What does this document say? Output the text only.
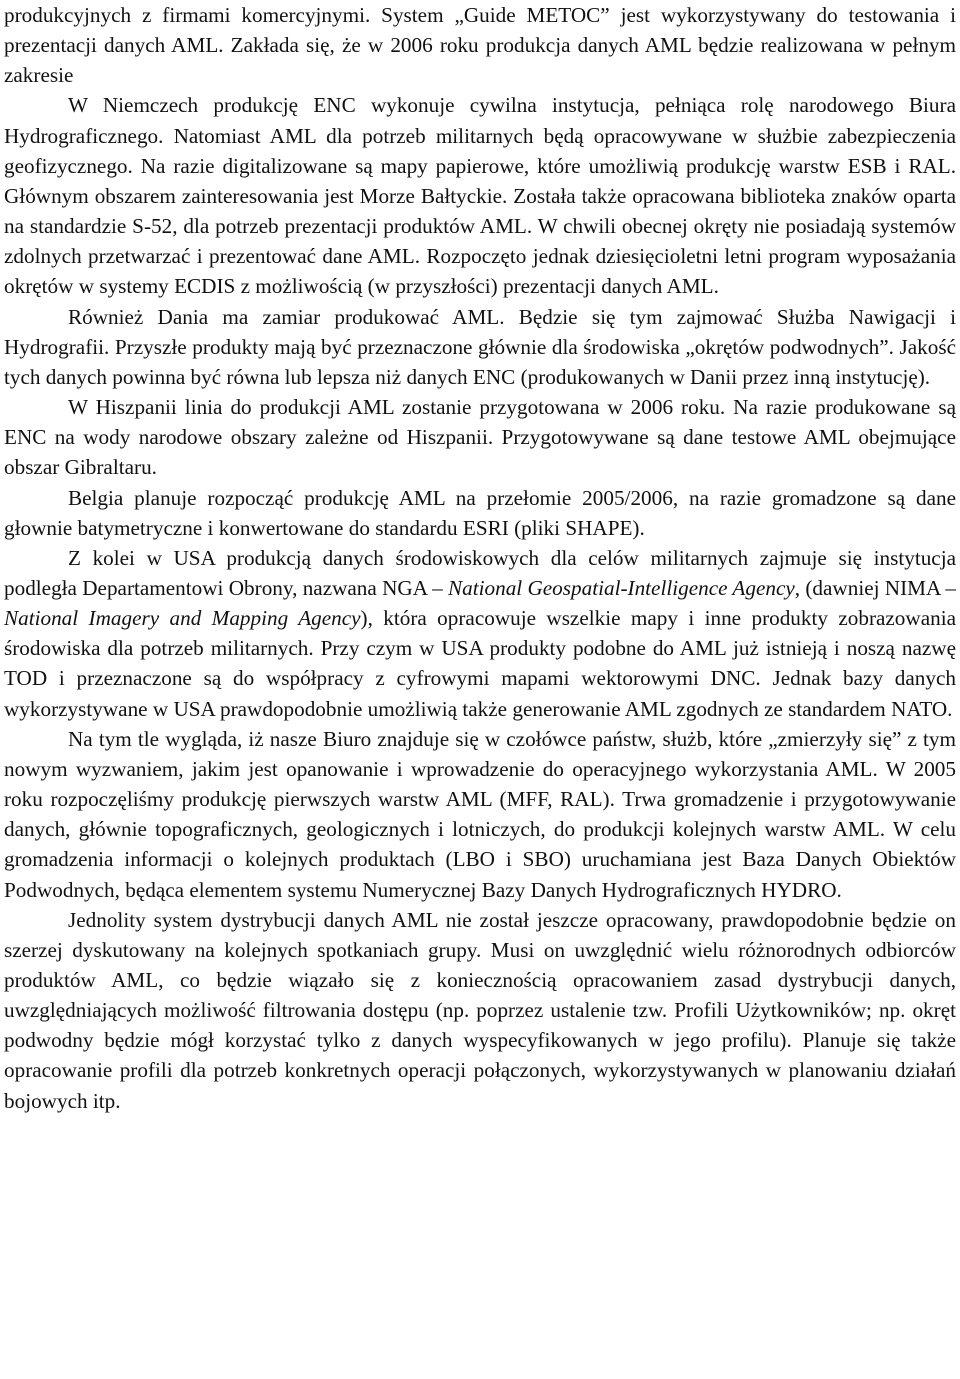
produkcyjnych z firmami komercyjnymi. System „Guide METOC” jest wykorzystywany do testowania i prezentacji danych AML. Zakłada się, że w 2006 roku produkcja danych AML będzie realizowana w pełnym zakresie

W Niemczech produkcję ENC wykonuje cywilna instytucja, pełniąca rolę narodowego Biura Hydrograficznego. Natomiast AML dla potrzeb militarnych będą opracowywane w służbie zabezpieczenia geofizycznego. Na razie digitalizowane są mapy papierowe, które umożliwią produkcję warstw ESB i RAL. Głównym obszarem zainteresowania jest Morze Bałtyckie. Została także opracowana biblioteka znaków oparta na standardzie S-52, dla potrzeb prezentacji produktów AML. W chwili obecnej okręty nie posiadają systemów zdolnych przetwarzać i prezentować dane AML. Rozpoczęto jednak dziesięcioletni letni program wyposażania okrętów w systemy ECDIS z możliwością (w przyszłości) prezentacji danych AML.

Również Dania ma zamiar produkować AML. Będzie się tym zajmować Służba Nawigacji i Hydrografii. Przyszłe produkty mają być przeznaczone głównie dla środowiska „okrętów podwodnych”. Jakość tych danych powinna być równa lub lepsza niż danych ENC (produkowanych w Danii przez inną instytucję).

W Hiszpanii linia do produkcji AML zostanie przygotowana w 2006 roku. Na razie produkowane są ENC na wody narodowe obszary zależne od Hiszpanii. Przygotowywane są dane testowe AML obejmujące obszar Gibraltaru.

Belgia planuje rozpocząć produkcję AML na przełomie 2005/2006, na razie gromadzone są dane głownie batymetryczne i konwertowane do standardu ESRI (pliki SHAPE).

Z kolei w USA produkcją danych środowiskowych dla celów militarnych zajmuje się instytucja podległa Departamentowi Obrony, nazwana NGA – National Geospatial-Intelligence Agency, (dawniej NIMA – National Imagery and Mapping Agency), która opracowuje wszelkie mapy i inne produkty zobrazowania środowiska dla potrzeb militarnych. Przy czym w USA produkty podobne do AML już istnieją i noszą nazwę TOD i przeznaczone są do współpracy z cyfrowymi mapami wektorowymi DNC. Jednak bazy danych wykorzystywane w USA prawdopodobnie umożliwią także generowanie AML zgodnych ze standardem NATO.

Na tym tle wygląda, iż nasze Biuro znajduje się w czołówce państw, służb, które „zmierzyły się” z tym nowym wyzwaniem, jakim jest opanowanie i wprowadzenie do operacyjnego wykorzystania AML. W 2005 roku rozpoczęliśmy produkcję pierwszych warstw AML (MFF, RAL). Trwa gromadzenie i przygotowywanie danych, głównie topograficznych, geologicznych i lotniczych, do produkcji kolejnych warstw AML. W celu gromadzenia informacji o kolejnych produktach (LBO i SBO) uruchamiana jest Baza Danych Obiektów Podwodnych, będąca elementem systemu Numerycznej Bazy Danych Hydrograficznych HYDRO.

Jednolity system dystrybucji danych AML nie został jeszcze opracowany, prawdopodobnie będzie on szerzej dyskutowany na kolejnych spotkaniach grupy. Musi on uwzględnić wielu różnorodnych odbiorców produktów AML, co będzie wiązało się z koniecznością opracowaniem zasad dystrybucji danych, uwzględniających możliwość filtrowania dostępu (np. poprzez ustalenie tzw. Profili Użytkowników; np. okręt podwodny będzie mógł korzystać tylko z danych wyspecyfikowanych w jego profilu). Planuje się także opracowanie profili dla potrzeb konkretnych operacji połączonych, wykorzystywanych w planowaniu działań bojowych itp.
